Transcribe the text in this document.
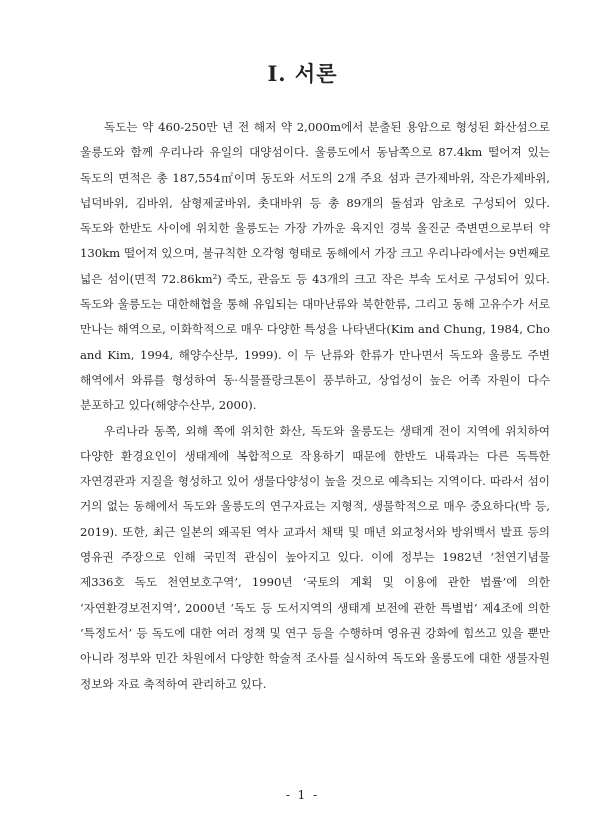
I. 서론

독도는 약 460-250만 년 전 해저 약 2,000m에서 분출된 용암으로 형성된 화산섬으로 울릉도와 함께 우리나라 유일의 대양섬이다. 울릉도에서 동남쪽으로 87.4km 떨어져 있는 독도의 면적은 총 187,554㎡이며 동도와 서도의 2개 주요 섬과 큰가제바위, 작은가제바위, 넙덕바위, 김바위, 삼형제굴바위, 촛대바위 등 총 89개의 돌섬과 암초로 구성되어 있다. 독도와 한반도 사이에 위치한 울릉도는 가장 가까운 육지인 경북 울진군 죽변면으로부터 약 130km 떨어져 있으며, 불규칙한 오각형 형태로 동해에서 가장 크고 우리나라에서는 9번째로 넓은 섬이(면적 72.86km²) 죽도, 관음도 등 43개의 크고 작은 부속 도서로 구성되어 있다. 독도와 울릉도는 대한해협을 통해 유입되는 대마난류와 북한한류, 그리고 동해 고유수가 서로 만나는 해역으로, 이화학적으로 매우 다양한 특성을 나타낸다(Kim and Chung, 1984, Cho and Kim, 1994, 해양수산부, 1999). 이 두 난류와 한류가 만나면서 독도와 울릉도 주변 해역에서 와류를 형성하여 동·식물플랑크톤이 풍부하고, 상업성이 높은 어족 자원이 다수 분포하고 있다(해양수산부, 2000).

우리나라 동쪽, 외해 쪽에 위치한 화산, 독도와 울릉도는 생태계 전이 지역에 위치하여 다양한 환경요인이 생태계에 복합적으로 작용하기 때문에 한반도 내륙과는 다른 독특한 자연경관과 지질을 형성하고 있어 생물다양성이 높을 것으로 예측되는 지역이다. 따라서 섬이 거의 없는 동해에서 독도와 울릉도의 연구자료는 지형적, 생물학적으로 매우 중요하다(박 등, 2019). 또한, 최근 일본의 왜곡된 역사 교과서 채택 및 매년 외교청서와 방위백서 발표 등의 영유권 주장으로 인해 국민적 관심이 높아지고 있다. 이에 정부는 1982년 ‘천연기념물 제336호 독도 천연보호구역’, 1990년 ‘국토의 계획 및 이용에 관한 법률’에 의한 ‘자연환경보전지역’, 2000년 ‘독도 등 도서지역의 생태계 보전에 관한 특별법’ 제4조에 의한 ‘특정도서’ 등 독도에 대한 여러 정책 및 연구 등을 수행하며 영유권 강화에 힘쓰고 있을 뿐만 아니라 정부와 민간 차원에서 다양한 학술적 조사를 실시하여 독도와 울릉도에 대한 생물자원 정보와 자료 축적하여 관리하고 있다.

- 1 -
